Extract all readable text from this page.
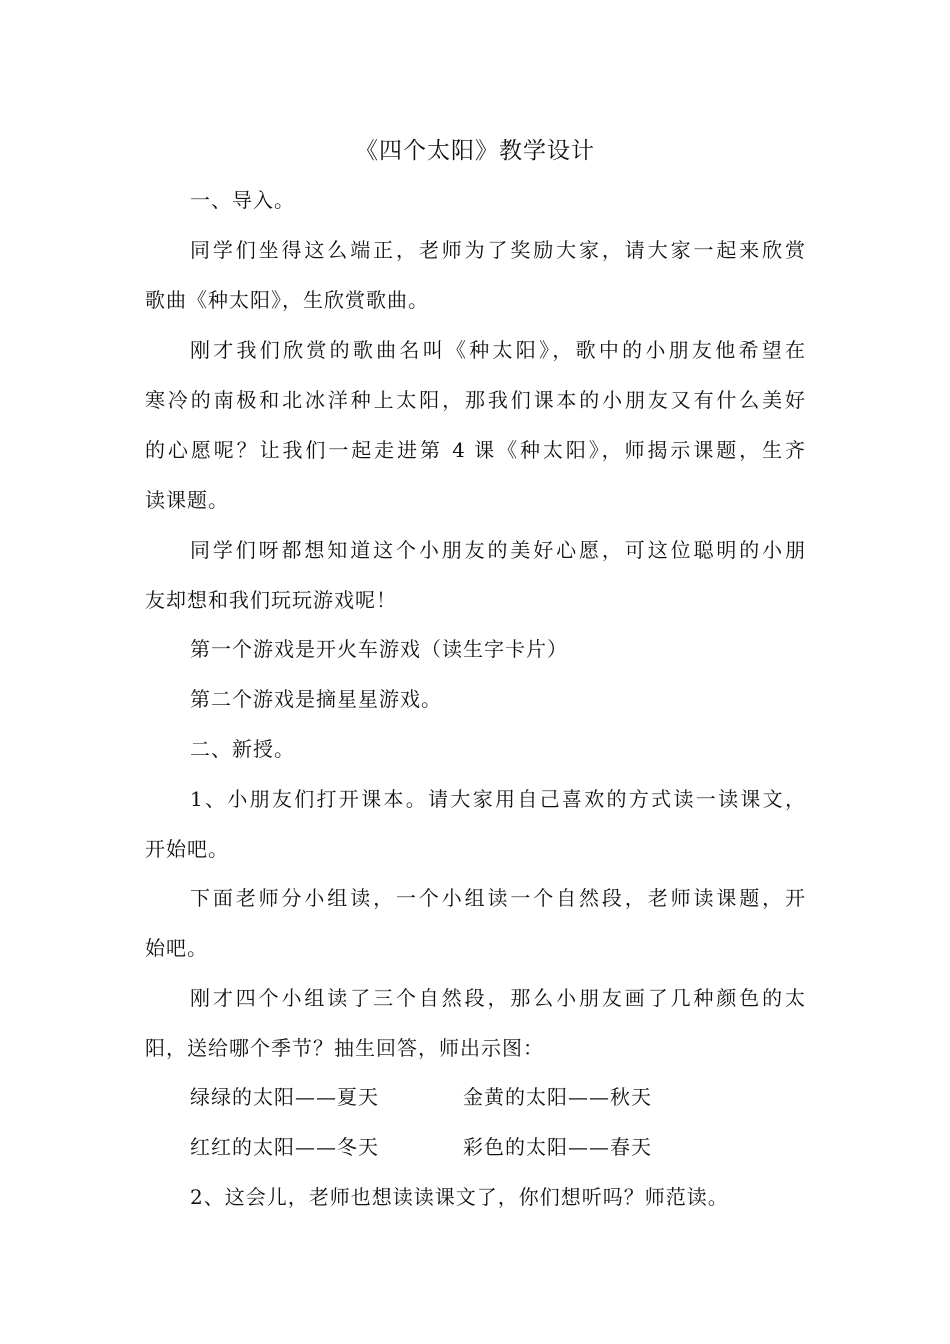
《四个太阳》教学设计
一、导入。
同学们坐得这么端正，老师为了奖励大家，请大家一起来欣赏
歌曲《种太阳》，生欣赏歌曲。
刚才我们欣赏的歌曲名叫《种太阳》，歌中的小朋友他希望在
寒冷的南极和北冰洋种上太阳，那我们课本的小朋友又有什么美好
的心愿呢？让我们一起走进第 4 课《种太阳》，师揭示课题，生齐
读课题。
同学们呀都想知道这个小朋友的美好心愿，可这位聪明的小朋
友却想和我们玩玩游戏呢！
第一个游戏是开火车游戏（读生字卡片）
第二个游戏是摘星星游戏。
二、新授。
1、小朋友们打开课本。请大家用自己喜欢的方式读一读课文，
开始吧。
下面老师分小组读，一个小组读一个自然段，老师读课题，开
始吧。
刚才四个小组读了三个自然段，那么小朋友画了几种颜色的太
阳，送给哪个季节？抽生回答，师出示图：
绿绿的太阳——夏天	金黄的太阳——秋天
红红的太阳——冬天	彩色的太阳——春天
2、这会儿，老师也想读读课文了，你们想听吗？师范读。
